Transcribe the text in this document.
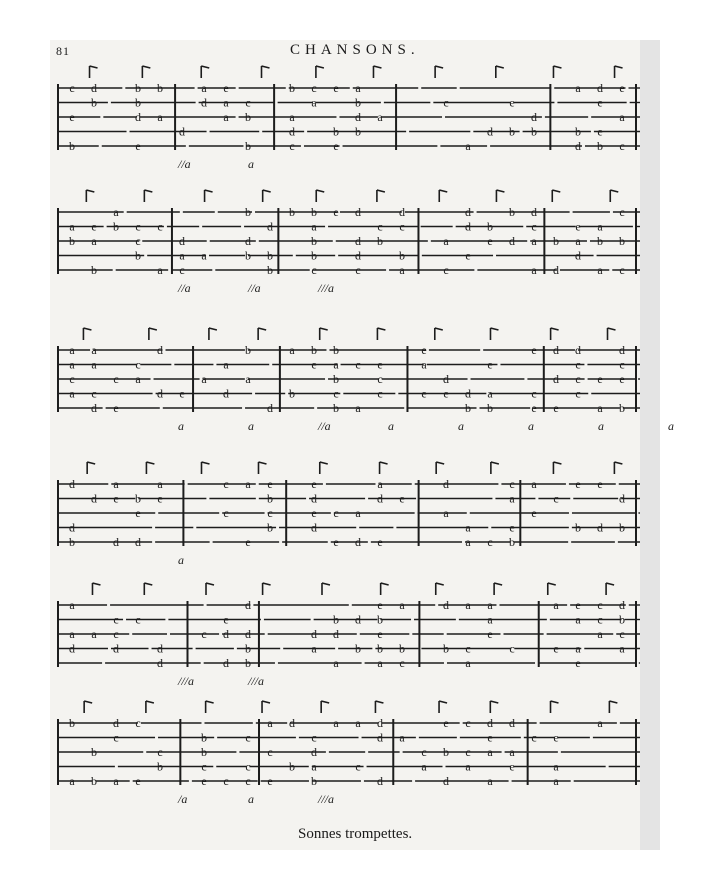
c
e
b
d
b
b
b
d
e
b
a
d
a
d
e
a
a
c
b
b
b
a
d
c
c
a
e
b
e
a
b
d
b
a
c
a
d
e
b
d
b
a
b
d
d
e
e
b
e
a
c
//a	a
a
b
e
a
b
a
b c
c
b
c
a
d
a
c
a
b
d
b
d
b
b
b b
a
b
b
c
e d
d
d
c
c
b
d
c
b
a
a
c
d
d
e
b
e
b
d
d
c
a
a
b
d
e
a
d
a
b
a
c
b
c
//a	//a	///a
a
a
c
a
a
a
c
d
c
e
c
a
d
d e
a
a
d
b
a
d
a
b
b
e
b
a
b
c
b
c
a
e
c
c
e
a
e
d
e d
b
e
a
b
e
c
e
d
d
e
d
c
c
c
e
a
d
c
e
b
a	a	//a	a	a	a	a	a
d
d
b
d
a
e
d
b
e
d
a
e
c
c
a
e
e
b
c
b
e
d
e
d
c
e
a
d
a
d
e
e
d
a
a
a c
c
a
e
b
a
e
c
e
b
e
d
d
b
a
a
a
d
a
c
c
d
c
d
d
c
e
d
d
d
d
b
b
d
a
b
d
a
d
b
e
b
e
b
a
a
b
c
d
b
a
c
a
a
a
e
c
a
e
e
a
a
e
c
c
a
d
b
c
a
///a	///a
b
a
b
b
d
c
a
c
e
c
b
b
b
c
e c
c
c
c
a
c
e
d
b
c
d
a
b
a a
c
d
d
d
a
c
a
e
b
d
c
c
a
d
e
a
a
d
a
e
c e
a
a
a
/a	a	///a
81	CHANSONS.
Sonnes trompettes.
